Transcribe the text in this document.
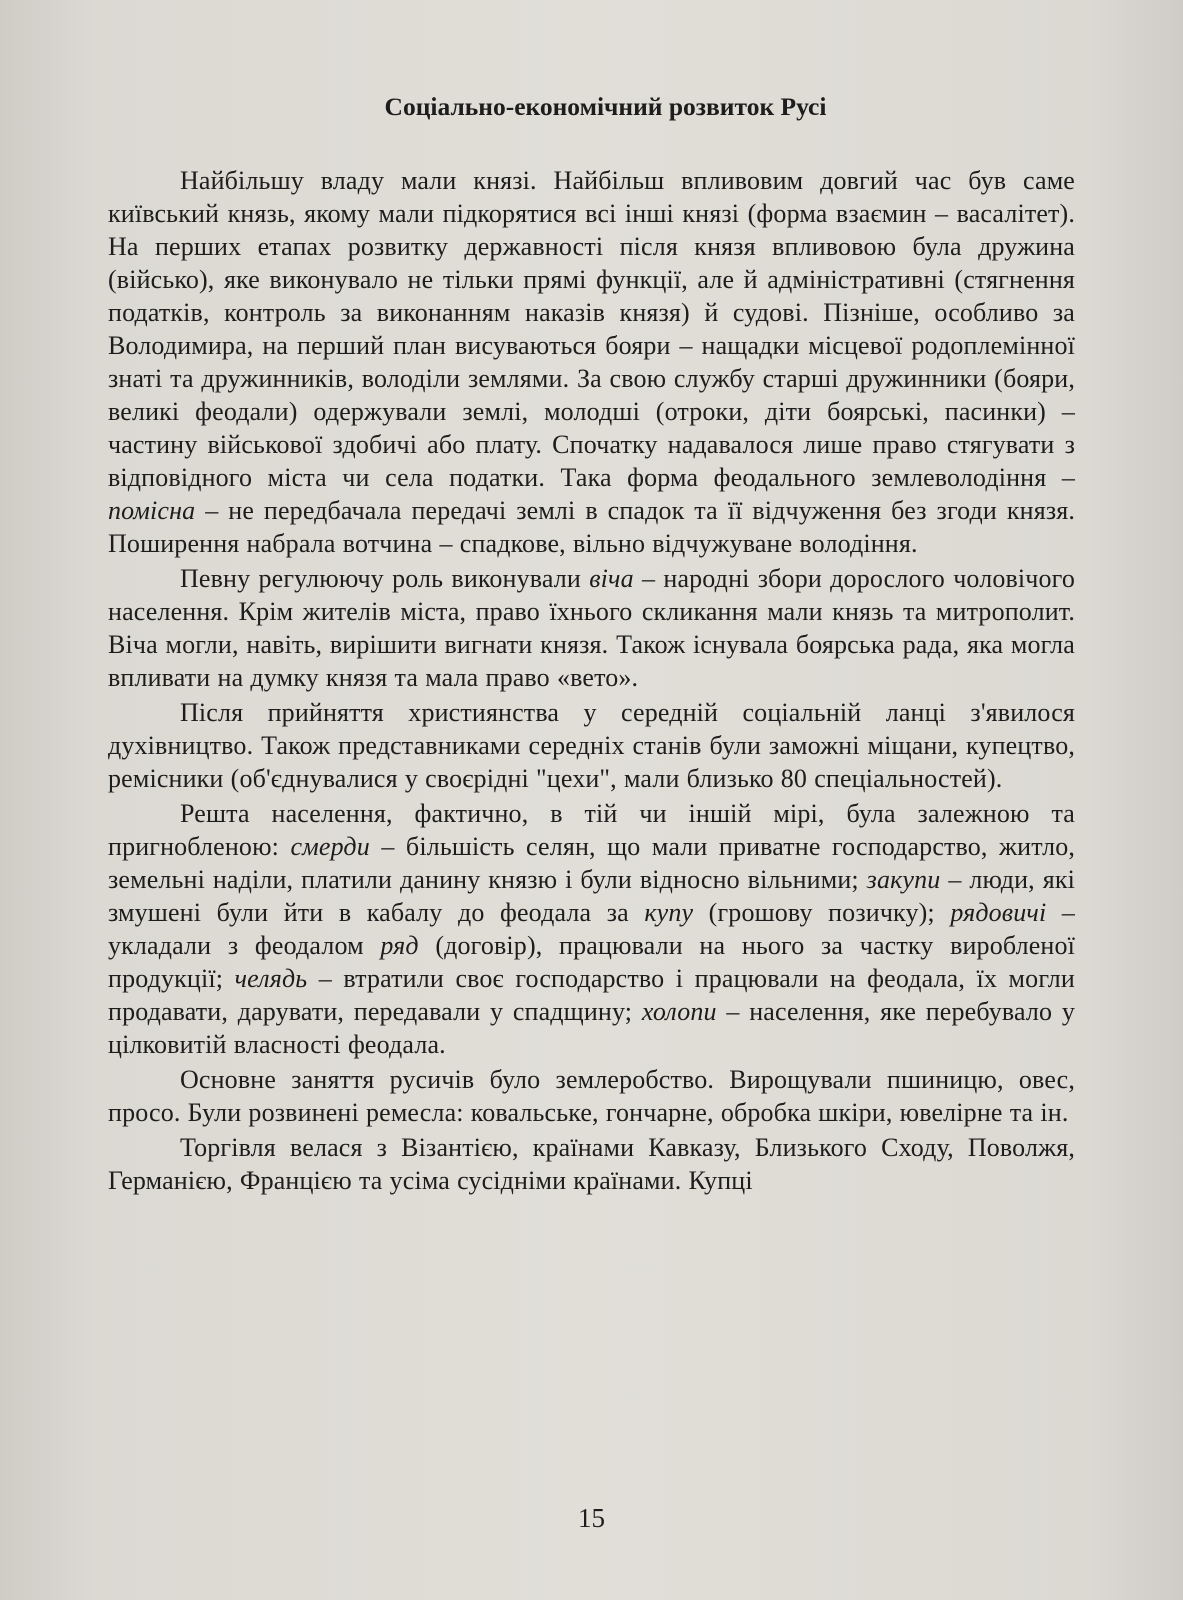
Соціально-економічний розвиток Русі

Найбільшу владу мали князі. Найбільш впливовим довгий час був саме київський князь, якому мали підкорятися всі інші князі (форма взаємин – васалітет). На перших етапах розвитку державності після князя впливовою була дружина (військо), яке виконувало не тільки прямі функції, але й адміністративні (стягнення податків, контроль за виконанням наказів князя) й судові. Пізніше, особливо за Володимира, на перший план висуваються бояри – нащадки місцевої родоплемінної знаті та дружинників, володіли землями. За свою службу старші дружинники (бояри, великі феодали) одержували землі, молодші (отроки, діти боярські, пасинки) – частину військової здобичі або плату. Спочатку надавалося лише право стягувати з відповідного міста чи села податки. Така форма феодального землеволодіння – помісна – не передбачала передачі землі в спадок та її відчуження без згоди князя. Поширення набрала вотчина – спадкове, вільно відчужуване володіння.

Певну регулюючу роль виконували віча – народні збори дорослого чоловічого населення. Крім жителів міста, право їхнього скликання мали князь та митрополит. Віча могли, навіть, вирішити вигнати князя. Також існувала боярська рада, яка могла впливати на думку князя та мала право «вето».

Після прийняття християнства у середній соціальній ланці з'явилося духівництво. Також представниками середніх станів були заможні міщани, купецтво, ремісники (об'єднувалися у своєрідні "цехи", мали близько 80 спеціальностей).

Решта населення, фактично, в тій чи іншій мірі, була залежною та пригнобленою: смерди – більшість селян, що мали приватне господарство, житло, земельні наділи, платили данину князю і були відносно вільними; закупи – люди, які змушені були йти в кабалу до феодала за купу (грошову позичку); рядовичі – укладали з феодалом ряд (договір), працювали на нього за частку виробленої продукції; челядь – втратили своє господарство і працювали на феодала, їх могли продавати, дарувати, передавали у спадщину; холопи – населення, яке перебувало у цілковитій власності феодала.

Основне заняття русичів було землеробство. Вирощували пшиницю, овес, просо. Були розвинені ремесла: ковальське, гончарне, обробка шкіри, ювелірне та ін.

Торгівля велася з Візантією, країнами Кавказу, Близького Сходу, Поволжя, Германією, Францією та усіма сусідніми країнами. Купці

15
